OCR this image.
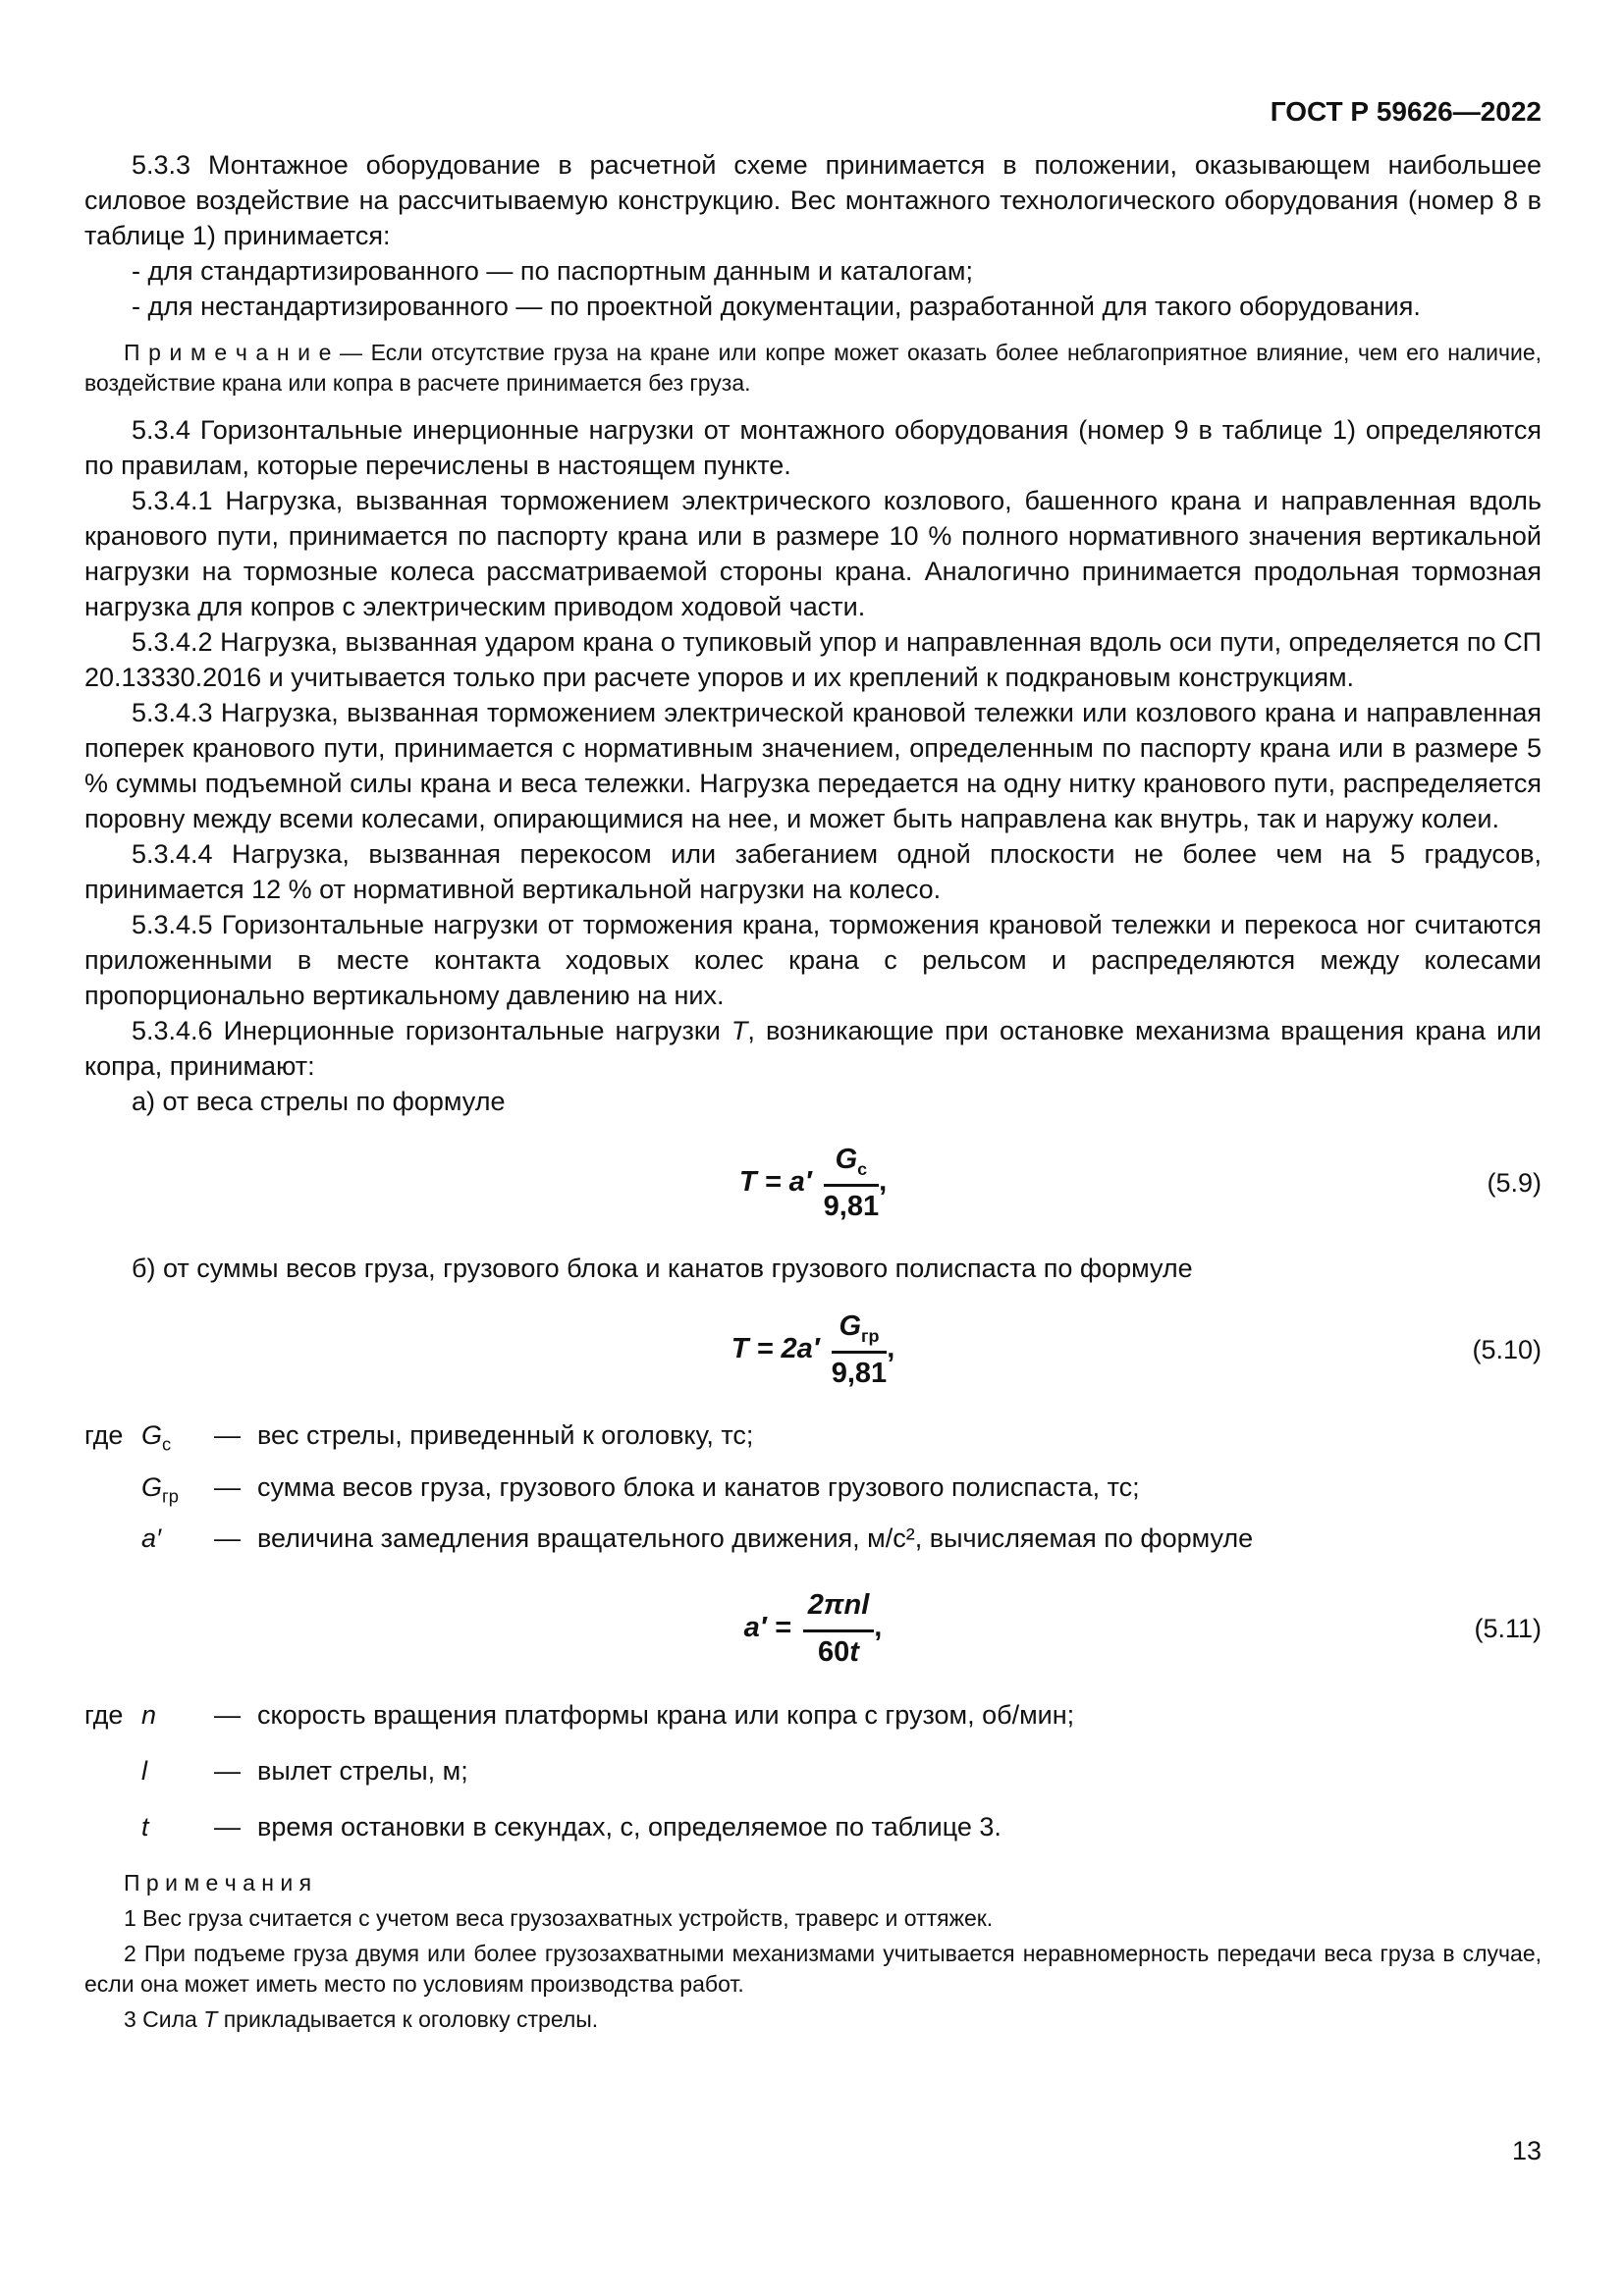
ГОСТ Р 59626—2022

5.3.3 Монтажное оборудование в расчетной схеме принимается в положении, оказывающем наибольшее силовое воздействие на рассчитываемую конструкцию. Вес монтажного технологического оборудования (номер 8 в таблице 1) принимается:

- для стандартизированного — по паспортным данным и каталогам;

- для нестандартизированного — по проектной документации, разработанной для такого оборудования.

П р и м е ч а н и е — Если отсутствие груза на кране или копре может оказать более неблагоприятное влияние, чем его наличие, воздействие крана или копра в расчете принимается без груза.

5.3.4 Горизонтальные инерционные нагрузки от монтажного оборудования (номер 9 в таблице 1) определяются по правилам, которые перечислены в настоящем пункте.

5.3.4.1 Нагрузка, вызванная торможением электрического козлового, башенного крана и направленная вдоль кранового пути, принимается по паспорту крана или в размере 10 % полного нормативного значения вертикальной нагрузки на тормозные колеса рассматриваемой стороны крана. Аналогично принимается продольная тормозная нагрузка для копров с электрическим приводом ходовой части.

5.3.4.2 Нагрузка, вызванная ударом крана о тупиковый упор и направленная вдоль оси пути, определяется по СП 20.13330.2016 и учитывается только при расчете упоров и их креплений к подкрановым конструкциям.

5.3.4.3 Нагрузка, вызванная торможением электрической крановой тележки или козлового крана и направленная поперек кранового пути, принимается с нормативным значением, определенным по паспорту крана или в размере 5 % суммы подъемной силы крана и веса тележки. Нагрузка передается на одну нитку кранового пути, распределяется поровну между всеми колесами, опирающимися на нее, и может быть направлена как внутрь, так и наружу колеи.

5.3.4.4 Нагрузка, вызванная перекосом или забеганием одной плоскости не более чем на 5 градусов, принимается 12 % от нормативной вертикальной нагрузки на колесо.

5.3.4.5 Горизонтальные нагрузки от торможения крана, торможения крановой тележки и перекоса ног считаются приложенными в месте контакта ходовых колес крана с рельсом и распределяются между колесами пропорционально вертикальному давлению на них.

5.3.4.6 Инерционные горизонтальные нагрузки T, возникающие при остановке механизма вращения крана или копра, принимают:

а) от веса стрелы по формуле

$T = a' \frac{G_с}{9,81}$ ,	(5.9)

б) от суммы весов груза, грузового блока и канатов грузового полиспаста по формуле

$T = 2a' \frac{G_{гр}}{9,81}$ ,	(5.10)
где $G_с$	— вес стрелы, приведенный к оголовку, тс;
$G_{гр}$	— сумма весов груза, грузового блока и канатов грузового полиспаста, тс;
a′	— величина замедления вращательного движения, м/с², вычисляемая по формуле
$a' = \frac{\text{2πnl}}{60t}$ ,	(5.11)
где n	— скорость вращения платформы крана или копра с грузом, об/мин;
l	— вылет стрелы, м;
t	— время остановки в секундах, с, определяемое по таблице 3.

П р и м е ч а н и я

1 Вес груза считается с учетом веса грузозахватных устройств, траверс и оттяжек.

2 При подъеме груза двумя или более грузозахватными механизмами учитывается неравномерность передачи веса груза в случае, если она может иметь место по условиям производства работ.

3 Сила T прикладывается к оголовку стрелы.

13
